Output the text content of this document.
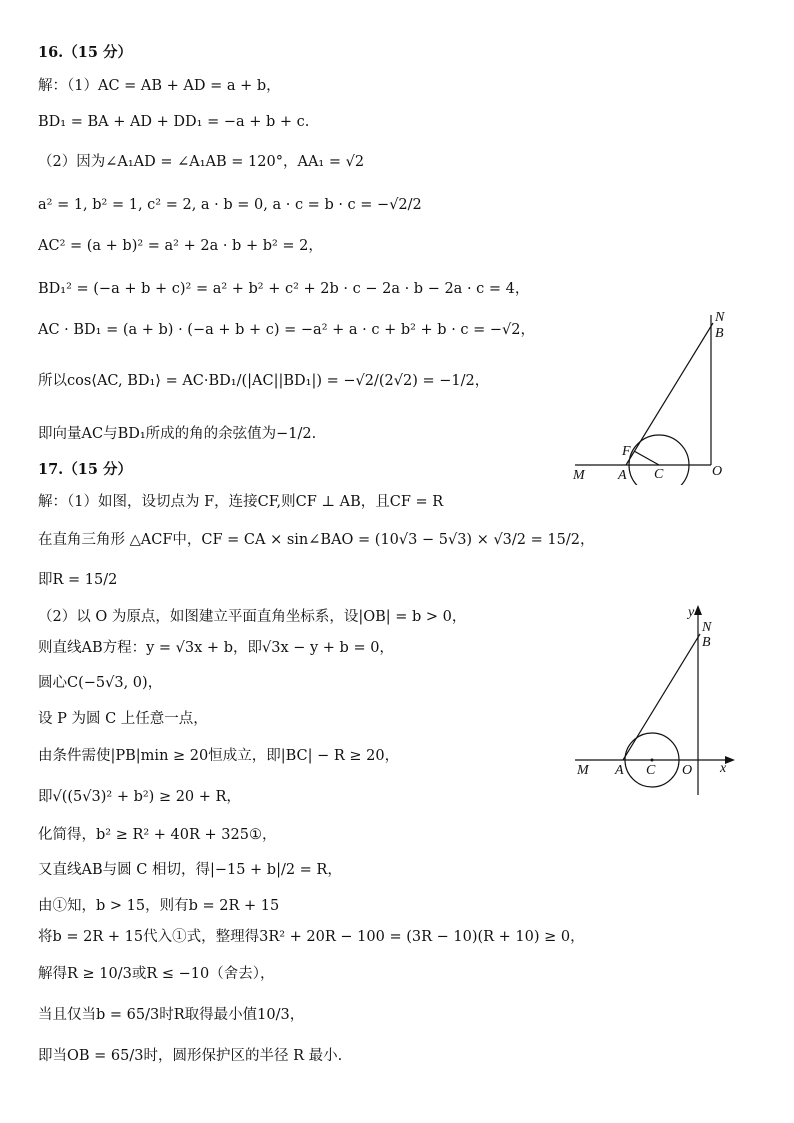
16.（15 分）
解：（1）AC = AB + AD = a + b，
BD₁ = BA + AD + DD₁ = −a + b + c.
（2）因为∠A₁AD = ∠A₁AB = 120°，AA₁ = √2
a² = 1, b² = 1, c² = 2, a · b = 0, a · c = b · c = −√2/2
AC² = (a + b)² = a² + 2a · b + b² = 2，
BD₁² = (−a + b + c)² = a² + b² + c² + 2b · c − 2a · b − 2a · c = 4，
AC · BD₁ = (a + b) · (−a + b + c) = −a² + a · c + b² + b · c = −√2，
所以cos⟨AC, BD₁⟩ = AC·BD₁/(|AC||BD₁|) = −√2/(2√2) = −1/2，
即向量AC与BD₁所成的角的余弦值为−1/2.
17.（15 分）
解：（1）如图，设切点为 F，连接CF,则CF ⊥ AB，且CF = R
在直角三角形 △ACF中，CF = CA × sin∠BAO = (10√3 − 5√3) × √3/2 = 15/2，
即R = 15/2
（2）以 O 为原点，如图建立平面直角坐标系，设|OB| = b > 0，
则直线AB方程：y = √3x + b，即√3x − y + b = 0，
圆心C(−5√3, 0)，
设 P 为圆 C 上任意一点，
由条件需使|PB|min ≥ 20恒成立，即|BC| − R ≥ 20，
即√((5√3)² + b²) ≥ 20 + R，
化简得，b² ≥ R² + 40R + 325①，
又直线AB与圆 C 相切，得|−15 + b|/2 = R，
由①知，b > 15，则有b = 2R + 15
将b = 2R + 15代入①式，整理得3R² + 20R − 100 = (3R − 10)(R + 10) ≥ 0，
解得R ≥ 10/3或R ≤ −10（舍去），
当且仅当b = 65/3时R取得最小值10/3，
即当OB = 65/3时，圆形保护区的半径 R 最小.
N
B
F
M A C	O
y
N
B
M A C O x
